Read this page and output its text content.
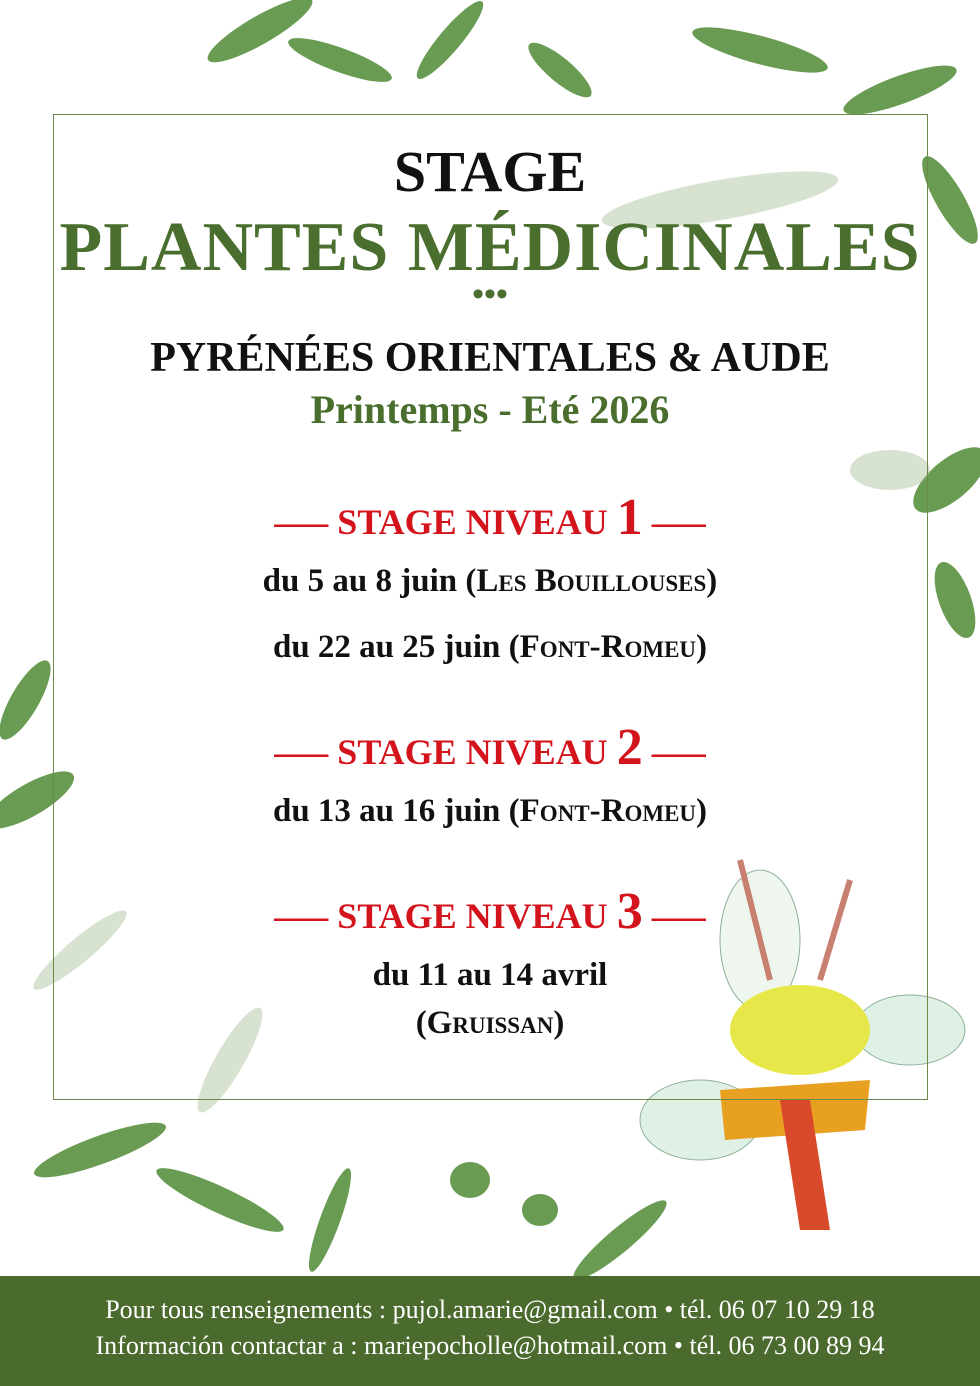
STAGE
PLANTES MÉDICINALES
•••
PYRÉNÉES ORIENTALES & AUDE
Printemps - Eté 2026
––– STAGE NIVEAU 1 –––
du 5 au 8 juin (Les Bouillouses)
du 22 au 25 juin (Font-Romeu)
––– STAGE NIVEAU 2 –––
du 13 au 16 juin (Font-Romeu)
––– STAGE NIVEAU 3 –––
du 11 au 14 avril
(Gruissan)
Pour tous renseignements : pujol.amarie@gmail.com • tél. 06 07 10 29 18
Información contactar a : mariepocholle@hotmail.com • tél. 06 73 00 89 94
